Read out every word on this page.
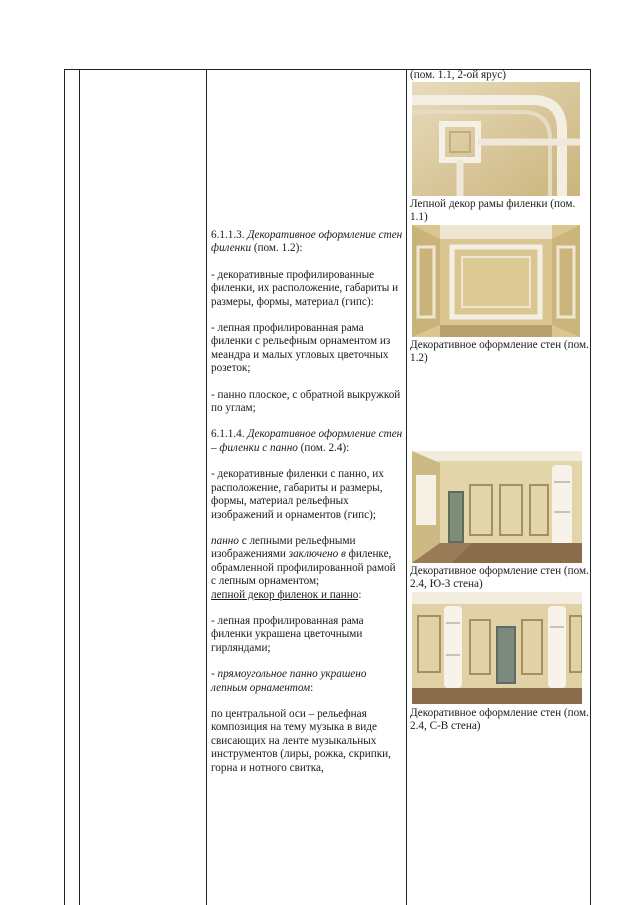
(пом. 1.1, 2-ой ярус)
Лепной декор рамы филенки (пом. 1.1)
Декоративное оформление стен (пом. 1.2)
Декоративное оформление стен (пом. 2.4, Ю-З стена)
Декоративное оформление стен (пом. 2.4, С-В стена)

6.1.1.3. Декоративное оформление стен филенки (пом. 1.2):

- декоративные профилированные филенки, их расположение, габариты и размеры, формы, материал (гипс):

- лепная профилированная рама филенки с рельефным орнаментом из меандра и малых угловых цветочных розеток;

- панно плоское, с обратной выкружкой по углам;

6.1.1.4. Декоративное оформление стен – филенки с панно (пом. 2.4):

- декоративные филенки с панно, их расположение, габариты и размеры, формы, материал рельефных изображений и орнаментов (гипс);

панно с лепными рельефными изображениями заключено в филенке, обрамленной профилированной рамой с лепным орнаментом;

лепной декор филенок и панно:

- лепная профилированная рама филенки украшена цветочными гирляндами;

- прямоугольное панно украшено лепным орнаментом:

по центральной оси – рельефная композиция на тему музыка в виде свисающих на ленте музыкальных инструментов (лиры, рожка, скрипки, горна и нотного свитка,
